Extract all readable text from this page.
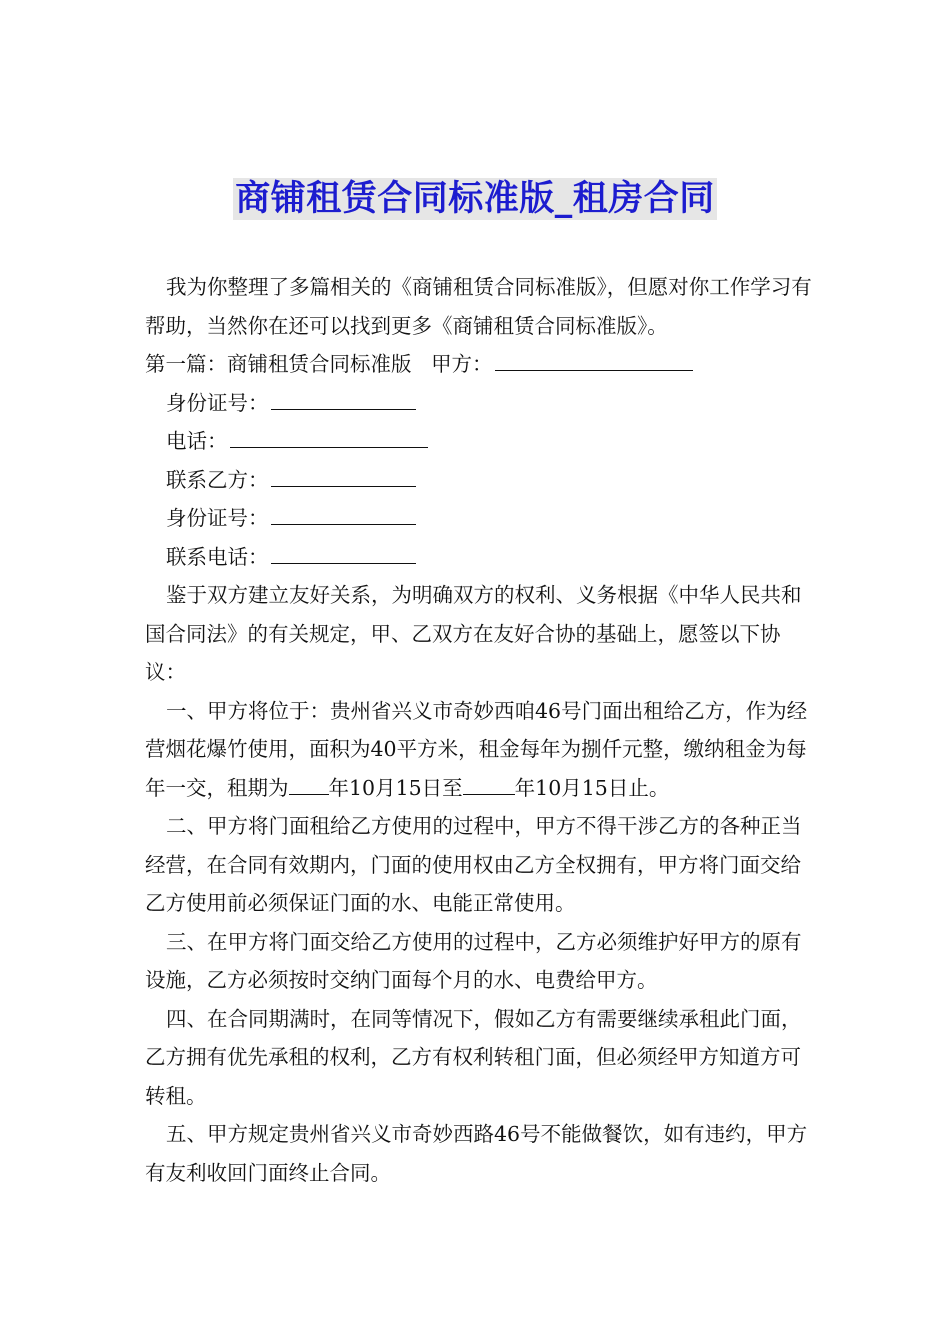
商铺租赁合同标准版_租房合同

我为你整理了多篇相关的《商铺租赁合同标准版》，但愿对你工作学习有帮助，当然你在还可以找到更多《商铺租赁合同标准版》。

第一篇：商铺租赁合同标准版 甲方：

身份证号：

电话：

联系乙方：

身份证号：

联系电话：

鉴于双方建立友好关系，为明确双方的权利、义务根据《中华人民共和国合同法》的有关规定，甲、乙双方在友好合协的基础上，愿签以下协议：

一、甲方将位于：贵州省兴义市奇妙西咱46号门面出租给乙方，作为经营烟花爆竹使用，面积为40平方米，租金每年为捌仟元整，缴纳租金为每年一交，租期为 年10月15日至	年10月15日止。

二、甲方将门面租给乙方使用的过程中，甲方不得干涉乙方的各种正当经营，在合同有效期内，门面的使用权由乙方全权拥有，甲方将门面交给乙方使用前必须保证门面的水、电能正常使用。

三、在甲方将门面交给乙方使用的过程中，乙方必须维护好甲方的原有设施，乙方必须按时交纳门面每个月的水、电费给甲方。

四、在合同期满时，在同等情况下，假如乙方有需要继续承租此门面，乙方拥有优先承租的权利，乙方有权利转租门面，但必须经甲方知道方可转租。

五、甲方规定贵州省兴义市奇妙西路46号不能做餐饮，如有违约，甲方有友利收回门面终止合同。
